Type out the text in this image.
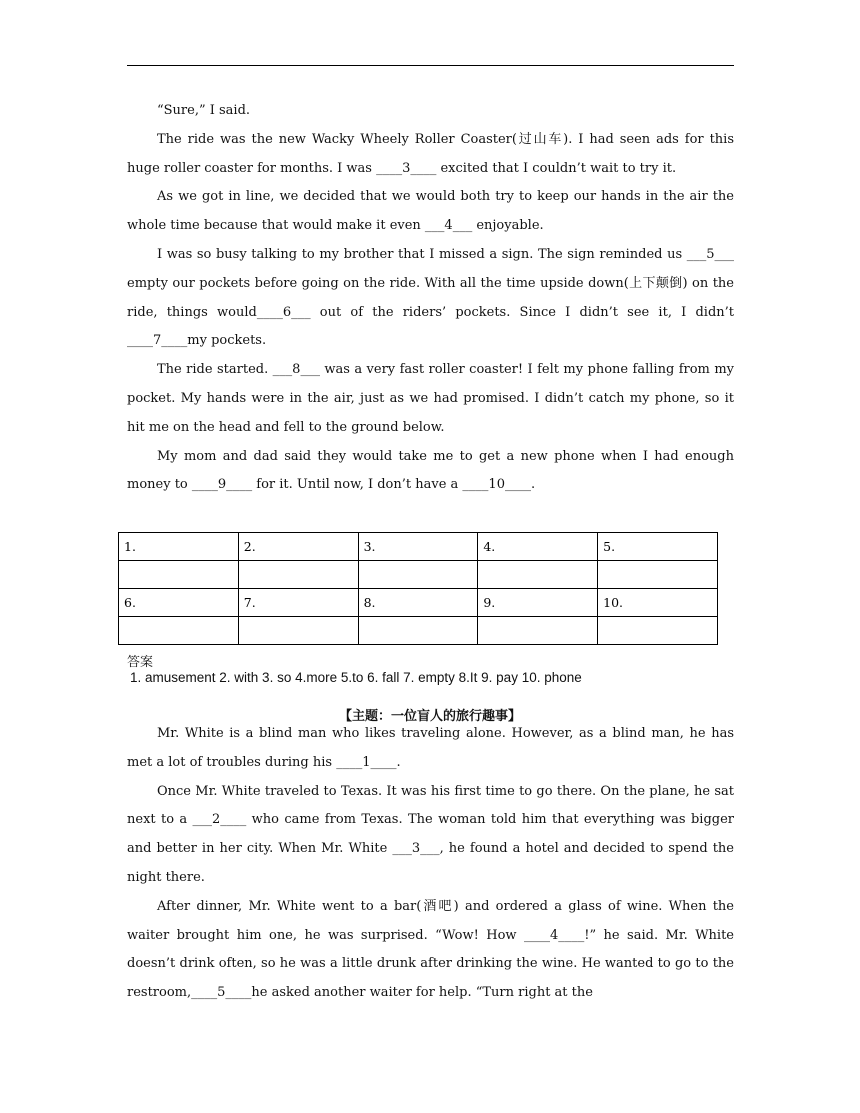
“Sure,” I said.

The ride was the new Wacky Wheely Roller Coaster(过山车). I had seen ads for this huge roller coaster for months. I was ____3____ excited that I couldn’t wait to try it.

As we got in line, we decided that we would both try to keep our hands in the air the whole time because that would make it even ___4___ enjoyable.

I was so busy talking to my brother that I missed a sign. The sign reminded us ___5___ empty our pockets before going on the ride. With all the time upside down(上下颠倒) on the ride, things would____6___ out of the riders’ pockets. Since I didn’t see it, I didn’t ____7____my pockets.

The ride started. ___8___ was a very fast roller coaster! I felt my phone falling from my pocket. My hands were in the air, just as we had promised. I didn’t catch my phone, so it hit me on the head and fell to the ground below.

My mom and dad said they would take me to get a new phone when I had enough money to ____9____ for it. Until now, I don’t have a ____10____.

1.	2.	3.	4.	5.

6.	7.	8.	9.	10.

答案
1. amusement 2. with 3. so 4.more 5.to 6. fall 7. empty 8.It 9. pay 10. phone
【主题：一位盲人的旅行趣事】

Mr. White is a blind man who likes traveling alone. However, as a blind man, he has met a lot of troubles during his ____1____.

Once Mr. White traveled to Texas. It was his first time to go there. On the plane, he sat next to a ___2____ who came from Texas. The woman told him that everything was bigger and better in her city. When Mr. White ___3___, he found a hotel and decided to spend the night there.

After dinner, Mr. White went to a bar(酒吧) and ordered a glass of wine. When the waiter brought him one, he was surprised. “Wow! How ____4____!” he said. Mr. White doesn’t drink often, so he was a little drunk after drinking the wine. He wanted to go to the restroom,____5____he asked another waiter for help. “Turn right at the
